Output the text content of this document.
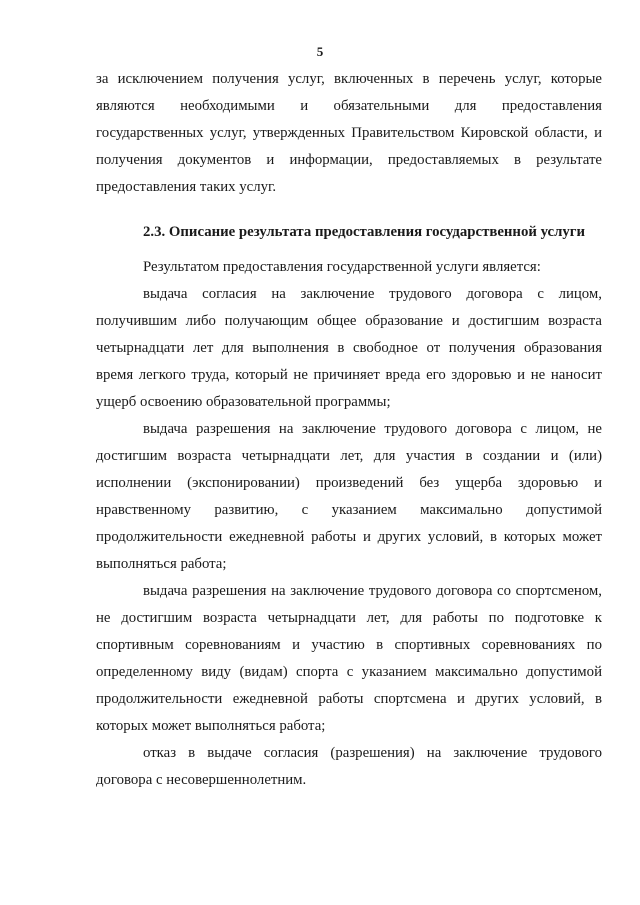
5

за исключением получения услуг, включенных в перечень услуг, которые являются необходимыми и обязательными для предоставления государственных услуг, утвержденных Правительством Кировской области, и получения документов и информации, предоставляемых в результате предоставления таких услуг.

2.3. Описание результата предоставления государственной услуги

Результатом предоставления государственной услуги является:

выдача согласия на заключение трудового договора с лицом, получившим либо получающим общее образование и достигшим возраста четырнадцати лет для выполнения в свободное от получения образования время легкого труда, который не причиняет вреда его здоровью и не наносит ущерб освоению образовательной программы;

выдача разрешения на заключение трудового договора с лицом, не достигшим возраста четырнадцати лет, для участия в создании и (или) исполнении (экспонировании) произведений без ущерба здоровью и нравственному развитию, с указанием максимально допустимой продолжительности ежедневной работы и других условий, в которых может выполняться работа;

выдача разрешения на заключение трудового договора со спортсменом, не достигшим возраста четырнадцати лет, для работы по подготовке к спортивным соревнованиям и участию в спортивных соревнованиях по определенному виду (видам) спорта с указанием максимально допустимой продолжительности ежедневной работы спортсмена и других условий, в которых может выполняться работа;

отказ в выдаче согласия (разрешения) на заключение трудового договора с несовершеннолетним.
